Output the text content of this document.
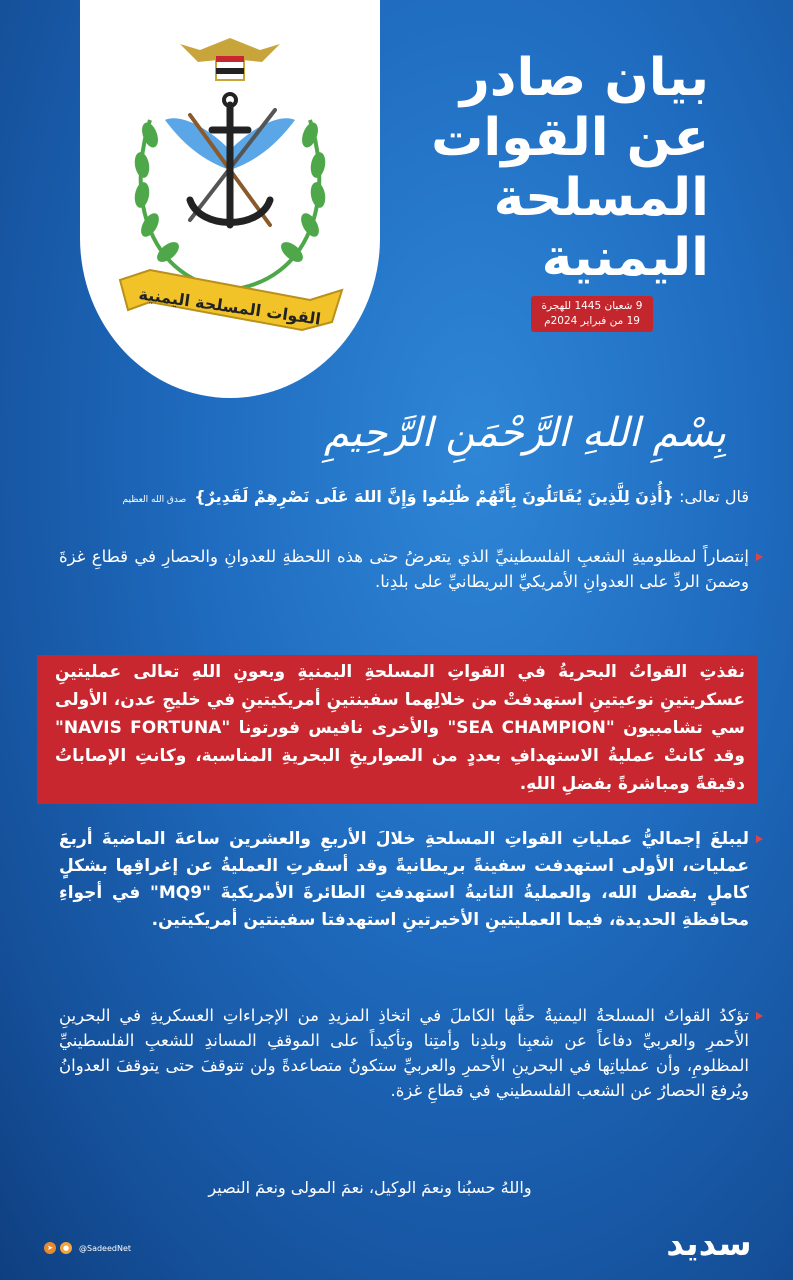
القوات المسلحة اليمنية
بيان صادر
عن القوات
المسلحة
اليمنية
9 شعبان 1445 للهجرة
19 من فبراير 2024م
بِسْمِ اللهِ الرَّحْمَنِ الرَّحِيمِ
قال تعالى: {أُذِنَ لِلَّذِينَ يُقَاتَلُونَ بِأَنَّهُمْ ظُلِمُوا وَإِنَّ اللهَ عَلَى نَصْرِهِمْ لَقَدِيرٌ}صدق الله العظيم
إنتصاراً لمظلوميةِ الشعبِ الفلسطينيِّ الذي يتعرضُ حتى هذه اللحظةِ للعدوانِ والحصارِ في قطاعِ غزةَ وضمنَ الردِّ على العدوانِ الأمريكيِّ البريطانيِّ على بلدِنا.
نفذتِ القواتُ البحريةُ في القواتِ المسلحةِ اليمنيةِ وبعونِ اللهِ تعالى عمليتينِ عسكريتينِ نوعيتينِ استهدفتْ من خلالِهما سفينتينِ أمريكيتينِ في خليجِ عدن، الأولى سي تشامبيون "SEA CHAMPION" والأخرى نافيس فورتونا "NAVIS FORTUNA" وقد كانتْ عمليةُ الاستهدافِ بعددٍ من الصواريخِ البحريةِ المناسبة، وكانتِ الإصاباتُ دقيقةً ومباشرةً بفضلِ اللهِ.
ليبلغَ إجماليُّ عملياتِ القواتِ المسلحةِ خلالَ الأربعِ والعشرين ساعةَ الماضيةَ أربعَ عمليات، الأولى استهدفت سفينةً بريطانيةً وقد أسفرتِ العمليةُ عن إغراقِها بشكلٍ كاملٍ بفضل الله، والعمليةُ الثانيةُ استهدفتِ الطائرةَ الأمريكيةَ "MQ9" في أجواءِ محافظةِ الحديدة، فيما العمليتينِ الأخيرتينِ استهدفتا سفينتين أمريكيتين.
تؤكدُ القواتُ المسلحةُ اليمنيةُ حقَّها الكاملَ في اتخاذِ المزيدِ من الإجراءاتِ العسكريةِ في البحرينِ الأحمرِ والعربيِّ دفاعاً عن شعبِنا وبلدِنا وأمتِنا وتأكيداً على الموقفِ المساندِ للشعبِ الفلسطينيِّ المظلومِ، وأن عملياتِها في البحرينِ الأحمرِ والعربيِّ ستكونُ متصاعدةً ولن تتوقفَ حتى يتوقفَ العدوانُ ويُرفعَ الحصارُ عن الشعب الفلسطيني في قطاعِ غزة.
واللهُ حسبُنا ونعمَ الوكيل، نعمَ المولى ونعمَ النصير
➤	●	@SadeedNet	سديد
